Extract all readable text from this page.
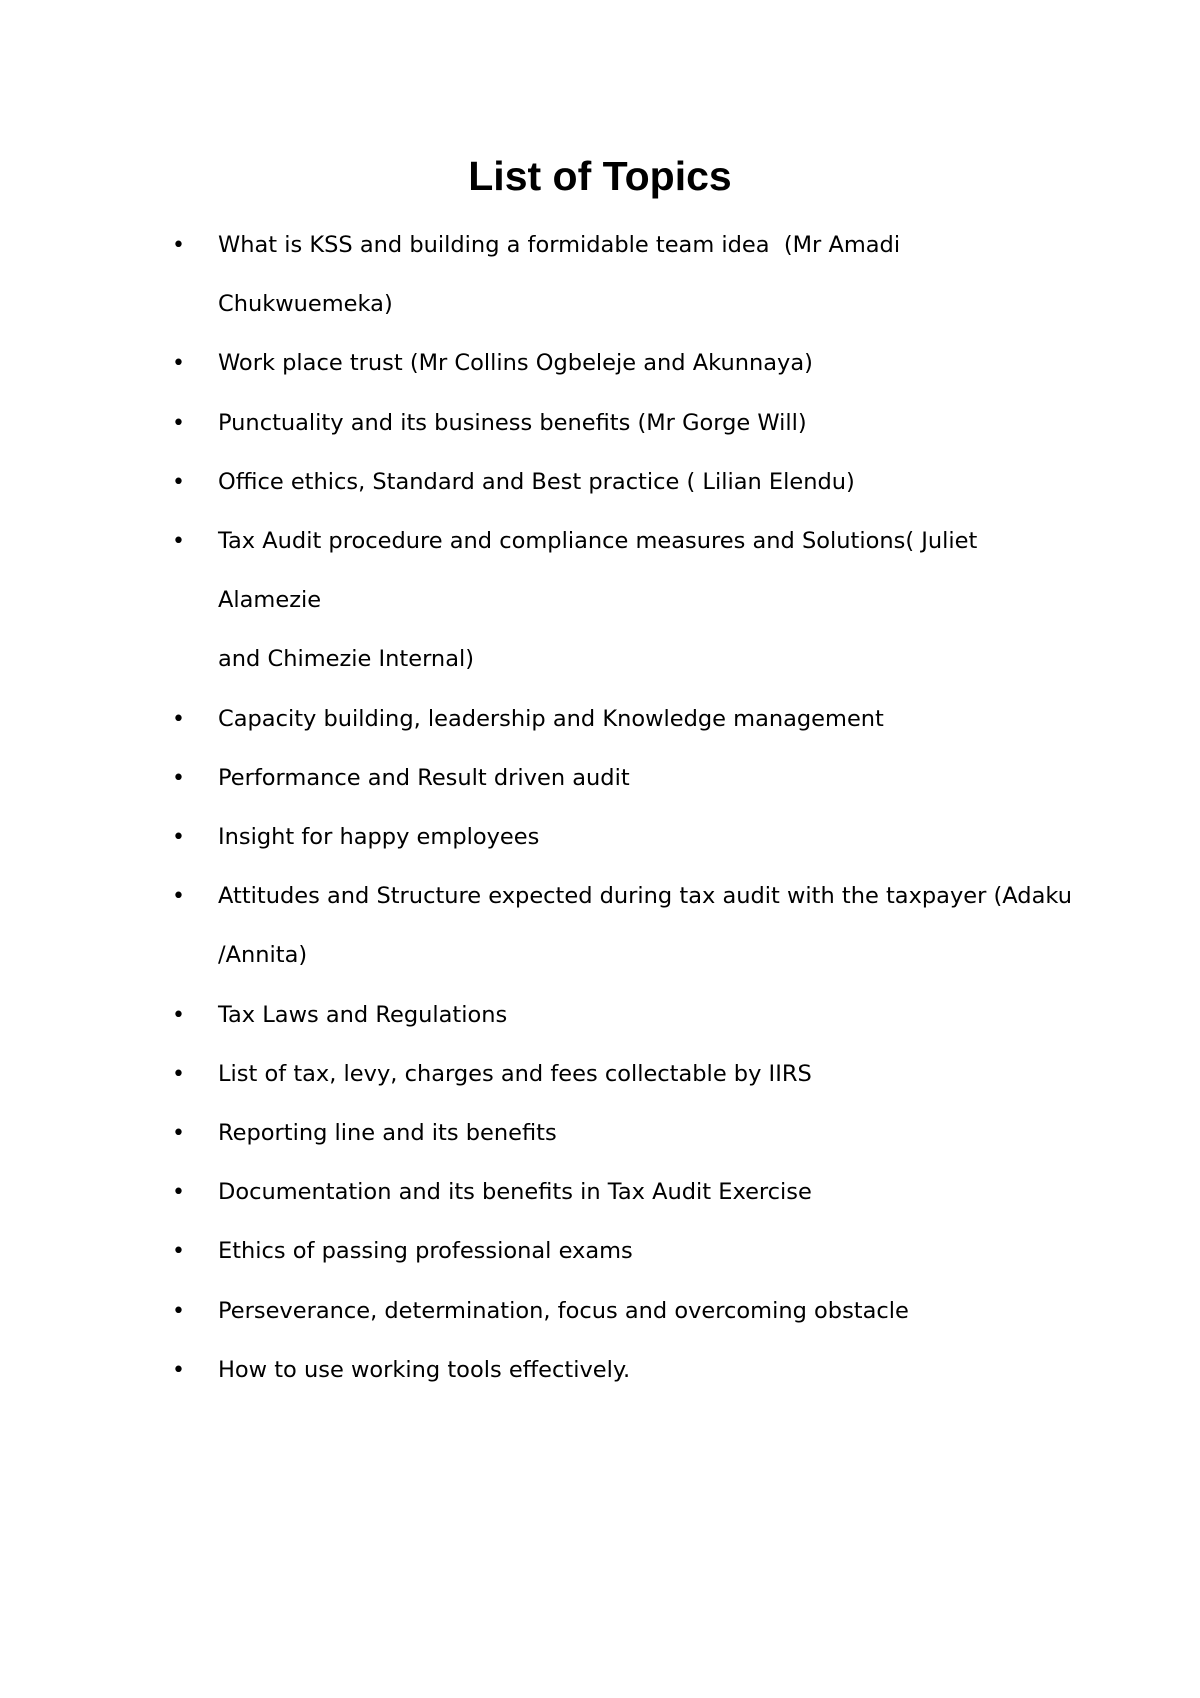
List of Topics
•	What is KSS and building a formidable team idea  (Mr Amadi Chukwuemeka)
•	Work place trust (Mr Collins Ogbeleje and Akunnaya)
•	Punctuality and its business benefits (Mr Gorge Will)
•	Office ethics, Standard and Best practice ( Lilian Elendu)
•	Tax Audit procedure and compliance measures and Solutions( Juliet Alamezie
and Chimezie Internal)
•	Capacity building, leadership and Knowledge management
•	Performance and Result driven audit
•	Insight for happy employees
•	Attitudes and Structure expected during tax audit with the taxpayer (Adaku
/Annita)
•	Tax Laws and Regulations
•	List of tax, levy, charges and fees collectable by IIRS
•	Reporting line and its benefits
•	Documentation and its benefits in Tax Audit Exercise
•	Ethics of passing professional exams
•	Perseverance, determination, focus and overcoming obstacle
•	How to use working tools effectively.
